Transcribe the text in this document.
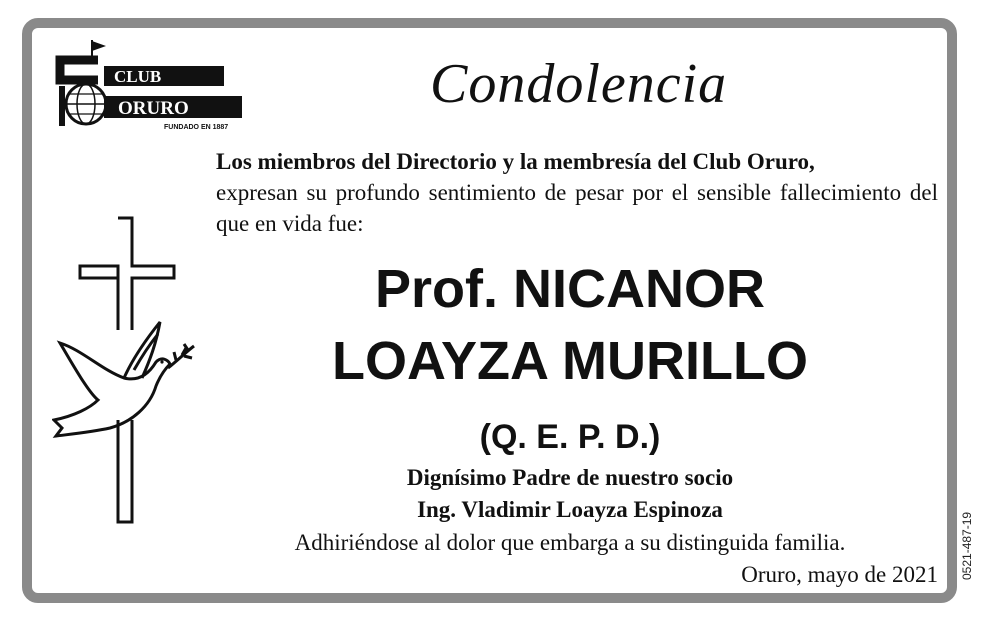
CLUB
ORURO
FUNDADO EN 1887
Condolencia
Los miembros del Directorio y la membresía del Club Oruro,
expresan su profundo sentimiento de pesar por el sensible fallecimiento del que en vida fue:
Prof. NICANOR
LOAYZA MURILLO
(Q. E. P. D.)
Dignísimo Padre de nuestro socio
Ing. Vladimir Loayza Espinoza
Adhiriéndose al dolor que embarga a su distinguida familia.
Oruro, mayo de 2021 0521-487-19
